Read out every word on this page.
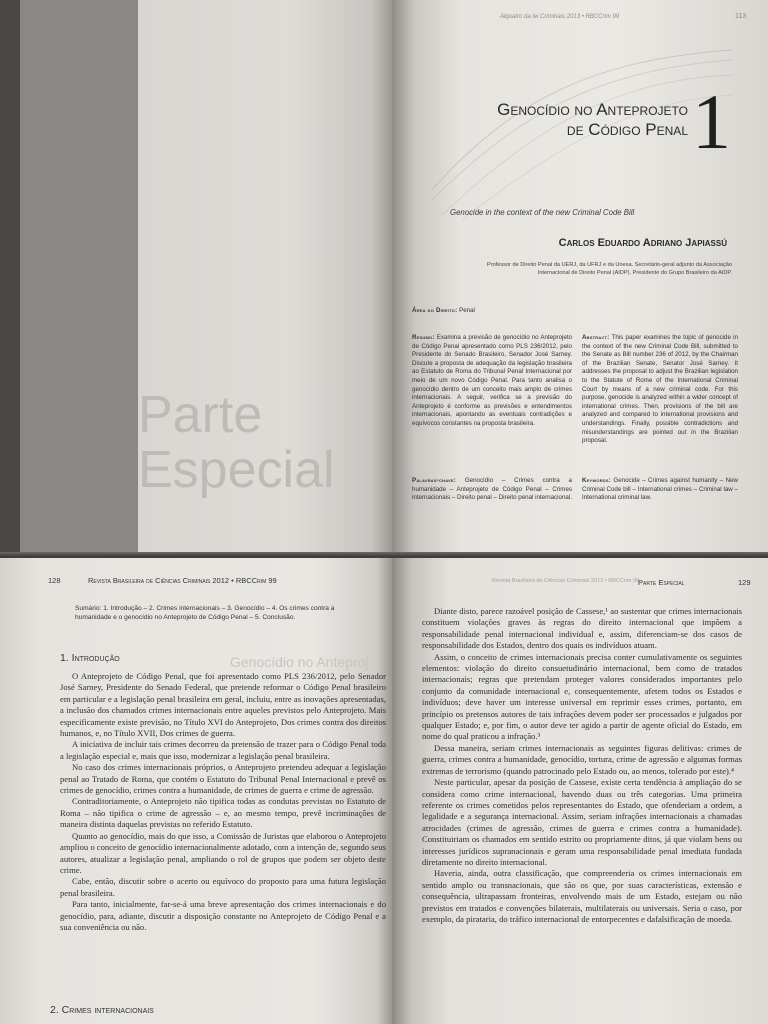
Parte
Especial
Alquatro da lei Criminais 2013 • RBCCrim 99	113
Genocídio no Anteprojeto
de Código Penal 1
Genocide in the context of the new Criminal Code Bill
Carlos Eduardo Adriano Japiassú
Professor de Direito Penal da UERJ, da UFRJ e da Unesa. Secretário-geral adjunto da Associação Internacional de Direito Penal (AIDP). Presidente do Grupo Brasileiro da AIDP.
Área do Direito: Penal
Resumo: Examina a previsão de genocídio no Anteprojeto de Código Penal apresentado como PLS 236/2012, pelo Presidente do Senado Brasileiro, Senador José Sarney. Discute a proposta de adequação da legislação brasileira ao Estatuto de Roma do Tribunal Penal Internacional por meio de um novo Código Penal. Para tanto analisa o genocídio dentro de um conceito mais amplo de crimes internacionais. A seguir, verifica se a previsão do Anteprojeto é conforme as previsões e entendimentos internacionais, apontando as eventuais contradições e equívocos constantes na proposta brasileira.
Abstract: This paper examines the topic of genocide in the context of the new Criminal Code Bill, submitted to the Senate as Bill number 236 of 2012, by the Chairman of the Brazilian Senate, Senator José Sarney. It addresses the proposal to adjust the Brazilian legislation to the Statute of Rome of the International Criminal Court by means of a new criminal code. For this purpose, genocide is analyzed within a wider concept of international crimes. Then, provisions of the bill are analyzed and compared to international provisions and understandings. Finally, possible contradictions and misunderstandings are pointed out in the Brazilian proposal.
Palavras-chave: Genocídio – Crimes contra a humanidade – Anteprojeto de Código Penal – Crimes internacionais – Direito penal – Direito penal internacional.
Keywords: Genocide – Crimes against humanity – New Criminal Code bill – International crimes – Criminal law – International criminal law.
128	Revista Brasileira de Ciências Criminais 2012 • RBCCrim 99
Sumário: 1. Introdução – 2. Crimes internacionais – 3. Genocídio – 4. Os crimes contra a humanidade e o genocídio no Anteprojeto de Código Penal – 5. Conclusão.
Genocídio no Anteproj
1. Introdução

O Anteprojeto de Código Penal, que foi apresentado como PLS 236/2012, pelo Senador José Sarney, Presidente do Senado Federal, que pretende reformar o Código Penal brasileiro em particular e a legislação penal brasileira em geral, incluiu, entre as inovações apresentadas, a inclusão dos chamados crimes internacionais entre aqueles previstos pelo Anteprojeto. Mais especificamente existe previsão, no Título XVI do Anteprojeto, Dos crimes contra dos direitos humanos, e, no Título XVII, Dos crimes de guerra.

A iniciativa de incluir tais crimes decorreu da pretensão de trazer para o Código Penal toda a legislação especial e, mais que isso, modernizar a legislação penal brasileira.

No caso dos crimes internacionais próprios, o Anteprojeto pretendeu adequar a legislação penal ao Tratado de Roma, que contém o Estatuto do Tribunal Penal Internacional e prevê os crimes de genocídio, crimes contra a humanidade, de crimes de guerra e crime de agressão.

Contraditoriamente, o Anteprojeto não tipifica todas as condutas previstas no Estatuto de Roma – não tipifica o crime de agressão – e, ao mesmo tempo, prevê incriminações de maneira distinta daquelas previstas no referido Estatuto.

Quanto ao genocídio, mais do que isso, a Comissão de Juristas que elaborou o Anteprojeto ampliou o conceito de genocídio internacionalmente adotado, com a intenção de, segundo seus autores, atualizar a legislação penal, ampliando o rol de grupos que podem ser objeto deste crime.

Cabe, então, discutir sobre o acerto ou equívoco do proposto para uma futura legislação penal brasileira.

Para tanto, inicialmente, far-se-á uma breve apresentação dos crimes internacionais e do genocídio, para, adiante, discutir a disposição constante no Anteprojeto de Código Penal e a sua conveniência ou não.

2. Crimes internacionais
Revista Brasileira de Ciências Criminais 2012 • RBCCrim 99
Parte Especial	129

Diante disto, parece razoável posição de Cassese,¹ ao sustentar que crimes internacionais constituem violações graves às regras do direito internacional que impõem a responsabilidade penal internacional individual e, assim, diferenciam-se dos casos de responsabilidade dos Estados, dentro dos quais os indivíduos atuam.

Assim, o conceito de crimes internacionais precisa conter cumulativamente os seguintes elementos: violação do direito consuetudinário internacional, bem como de tratados internacionais; regras que pretendam proteger valores considerados importantes pelo conjunto da comunidade internacional e, consequentemente, afetem todos os Estados e indivíduos; deve haver um interesse universal em reprimir esses crimes, portanto, em princípio os pretensos autores de tais infrações devem poder ser processados e julgados por qualquer Estado; e, por fim, o autor deve ter agido a partir de agente oficial do Estado, em nome do qual praticou a infração.³

Dessa maneira, seriam crimes internacionais as seguintes figuras delitivas: crimes de guerra, crimes contra a humanidade, genocídio, tortura, crime de agressão e algumas formas extremas de terrorismo (quando patrocinado pelo Estado ou, ao menos, tolerado por este).⁴

Neste particular, apesar da posição de Cassese, existe certa tendência à ampliação do se considera como crime internacional, havendo duas ou três categorias. Uma primeira referente os crimes cometidos pelos representantes do Estado, que ofenderiam a ordem, a legalidade e a segurança internacional. Assim, seriam infrações internacionais a chamadas atrocidades (crimes de agressão, crimes de guerra e crimes contra a humanidade). Constituiriam os chamados em sentido estrito ou propriamente ditos, já que violam bens ou interesses jurídicos supranacionais e geram uma responsabilidade penal imediata fundada diretamente no direito internacional.

Haveria, ainda, outra classificação, que compreenderia os crimes internacionais em sentido amplo ou transnacionais, que são os que, por suas características, extensão e consequência, ultrapassam fronteiras, envolvendo mais de um Estado, estejam ou não previstos em tratados e convenções bilaterais, multilaterais ou universais. Seria o caso, por exemplo, da pirataria, do tráfico internacional de entorpecentes e dafalsificação de moeda.
